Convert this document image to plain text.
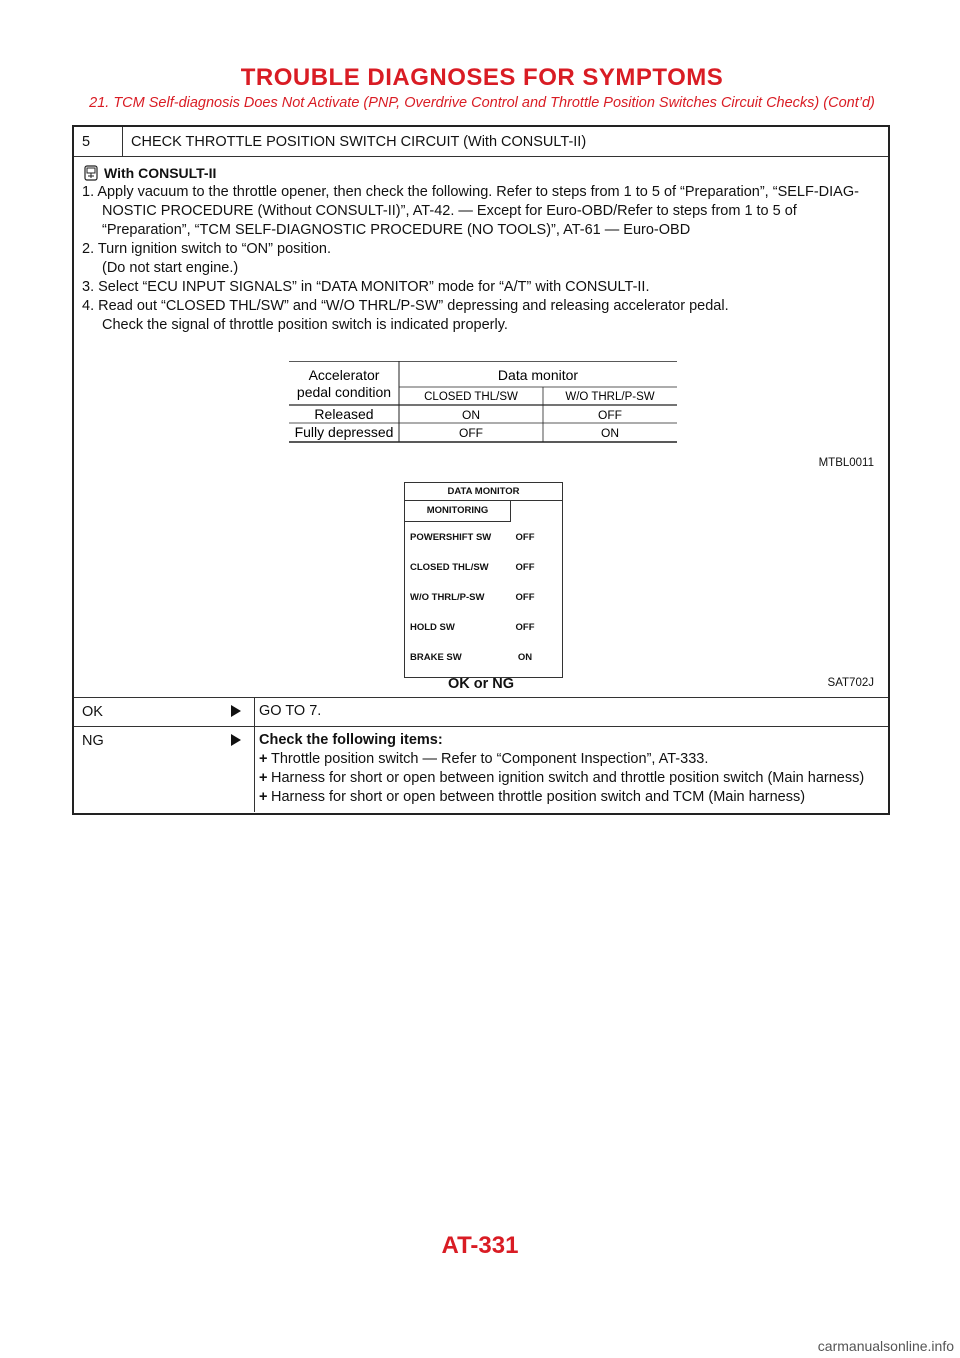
TROUBLE DIAGNOSES FOR SYMPTOMS
21. TCM Self-diagnosis Does Not Activate (PNP, Overdrive Control and Throttle Position Switches Circuit Checks) (Cont’d)
5	CHECK THROTTLE POSITION SWITCH CIRCUIT (With CONSULT-II)
With CONSULT-II

1. Apply vacuum to the throttle opener, then check the following. Refer to steps from 1 to 5 of “Preparation”, “SELF-DIAG-

NOSTIC PROCEDURE (Without CONSULT-II)”, AT-42. — Except for Euro-OBD/Refer to steps from 1 to 5 of

“Preparation”, “TCM SELF-DIAGNOSTIC PROCEDURE (NO TOOLS)”, AT-61 — Euro-OBD

2. Turn ignition switch to “ON” position.

(Do not start engine.)

3. Select “ECU INPUT SIGNALS” in “DATA MONITOR” mode for “A/T” with CONSULT-II.

4. Read out “CLOSED THL/SW” and “W/O THRL/P-SW” depressing and releasing accelerator pedal.

Check the signal of throttle position switch is indicated properly.

Accelerator
pedal condition
Data monitor
CLOSED THL/SW	W/O THRL/P-SW
Released	ON	OFF
Fully depressed	OFF	ON
MTBL0011
DATA MONITOR
MONITORING
POWERSHIFT SW	OFF
CLOSED THL/SW	OFF
W/O THRL/P-SW	OFF
HOLD SW	OFF
BRAKE SW	ON
SAT702J
OK or NG
OK	GO TO 7.
NG	Check the following items:
+ Throttle position switch — Refer to “Component Inspection”, AT-333.
+ Harness for short or open between ignition switch and throttle position switch (Main harness)
+ Harness for short or open between throttle position switch and TCM (Main harness)
AT-331
carmanualsonline.info
